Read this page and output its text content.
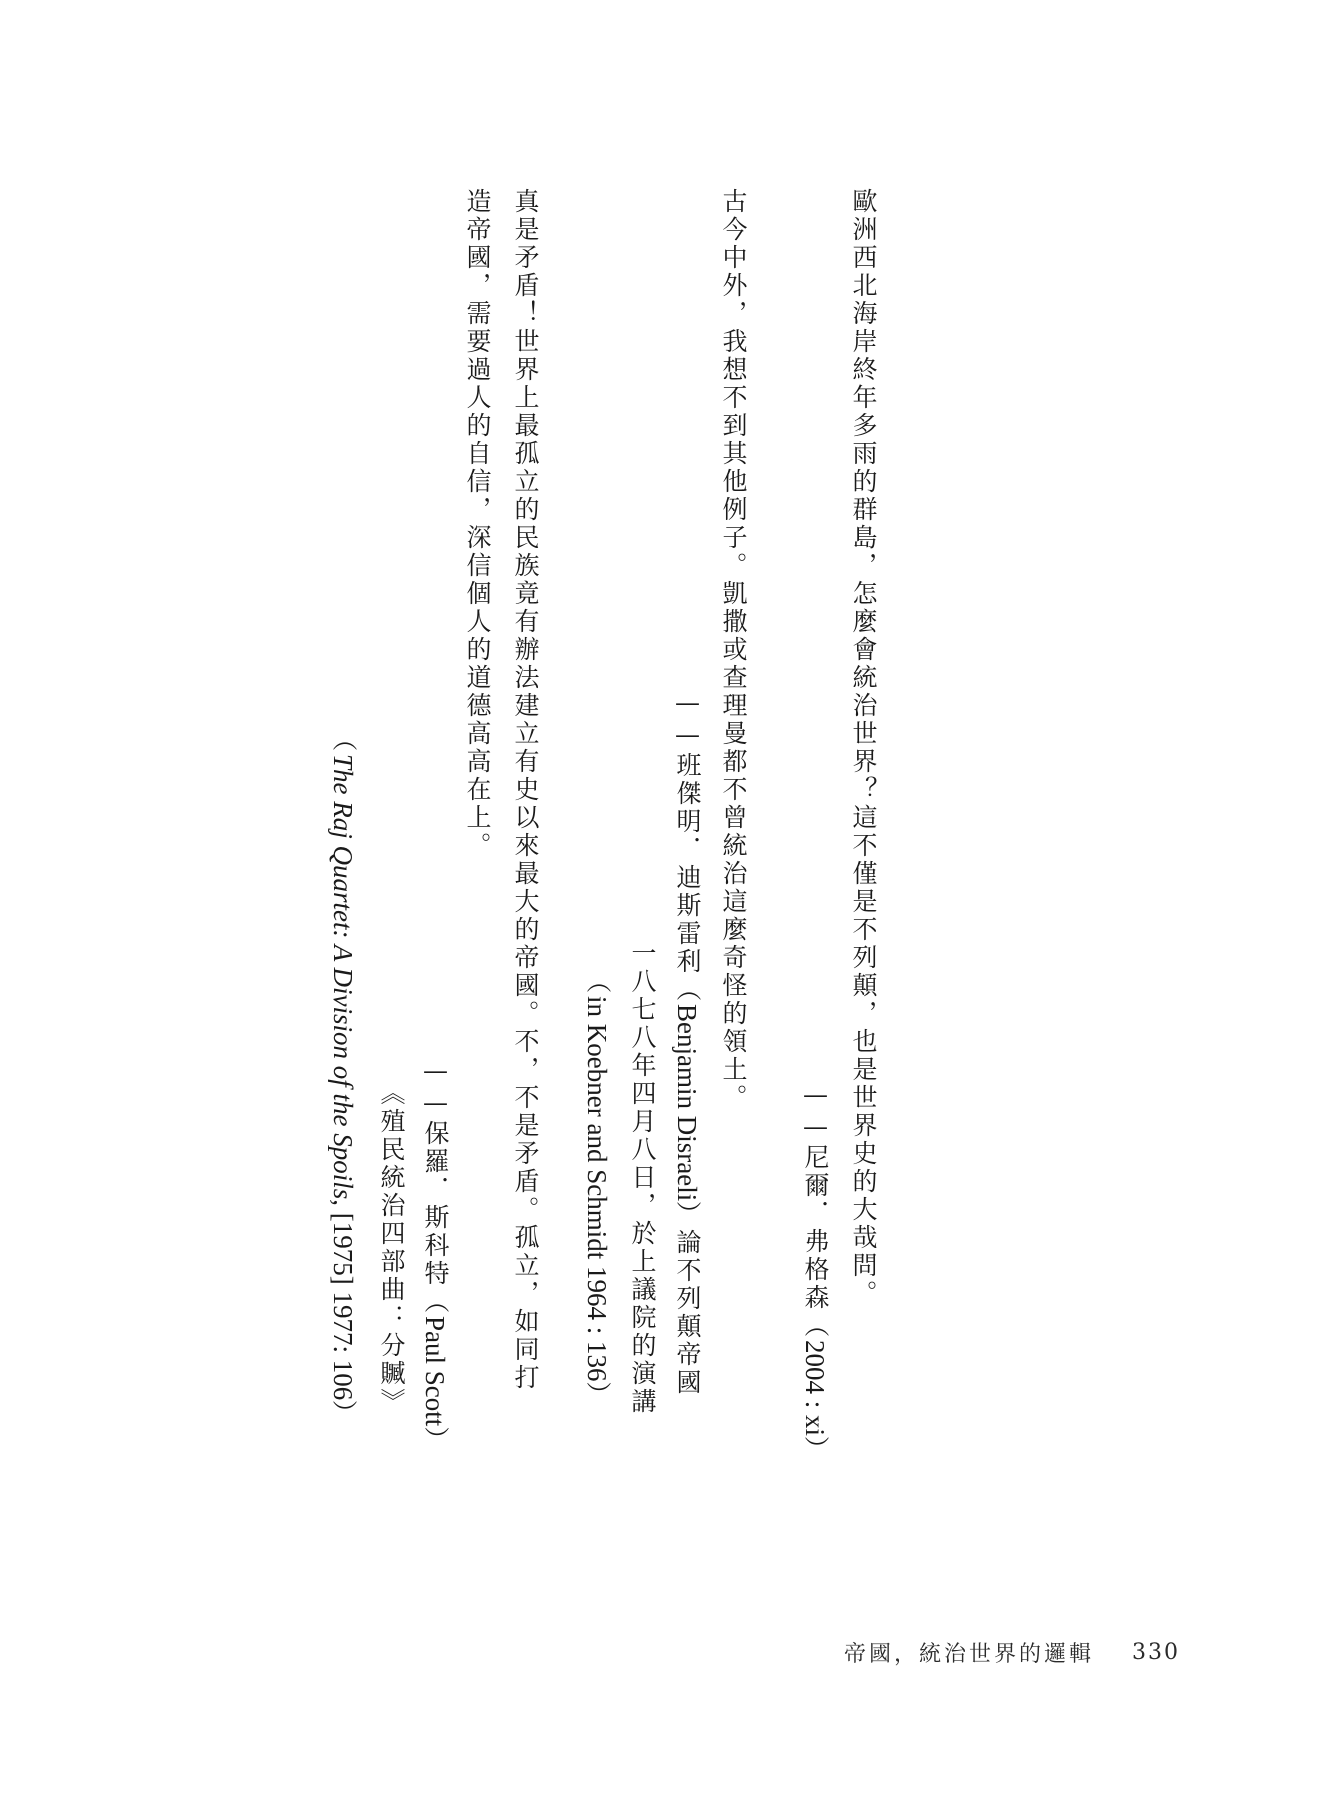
歐洲西北海岸終年多雨的群島，怎麼會統治世界？這不僅是不列顛，也是世界史的大哉問。
——尼爾．弗格森（2004 : xi）
古今中外，我想不到其他例子。凱撒或查理曼都不曾統治這麼奇怪的領土。
——班傑明．迪斯雷利（Benjamin Disraeli）論不列顛帝國
一八七八年四月八日，於上議院的演講
（in Koebner and Schmidt 1964 : 136）
真是矛盾！世界上最孤立的民族竟有辦法建立有史以來最大的帝國。不，不是矛盾。孤立，如同打
造帝國，需要過人的自信，深信個人的道德高高在上。
——保羅．斯科特（Paul Scott）
《殖民統治四部曲：分贓》
（The Raj Quartet: A Division of the Spoils, [1975] 1977: 106）
帝國，統治世界的邏輯 330
